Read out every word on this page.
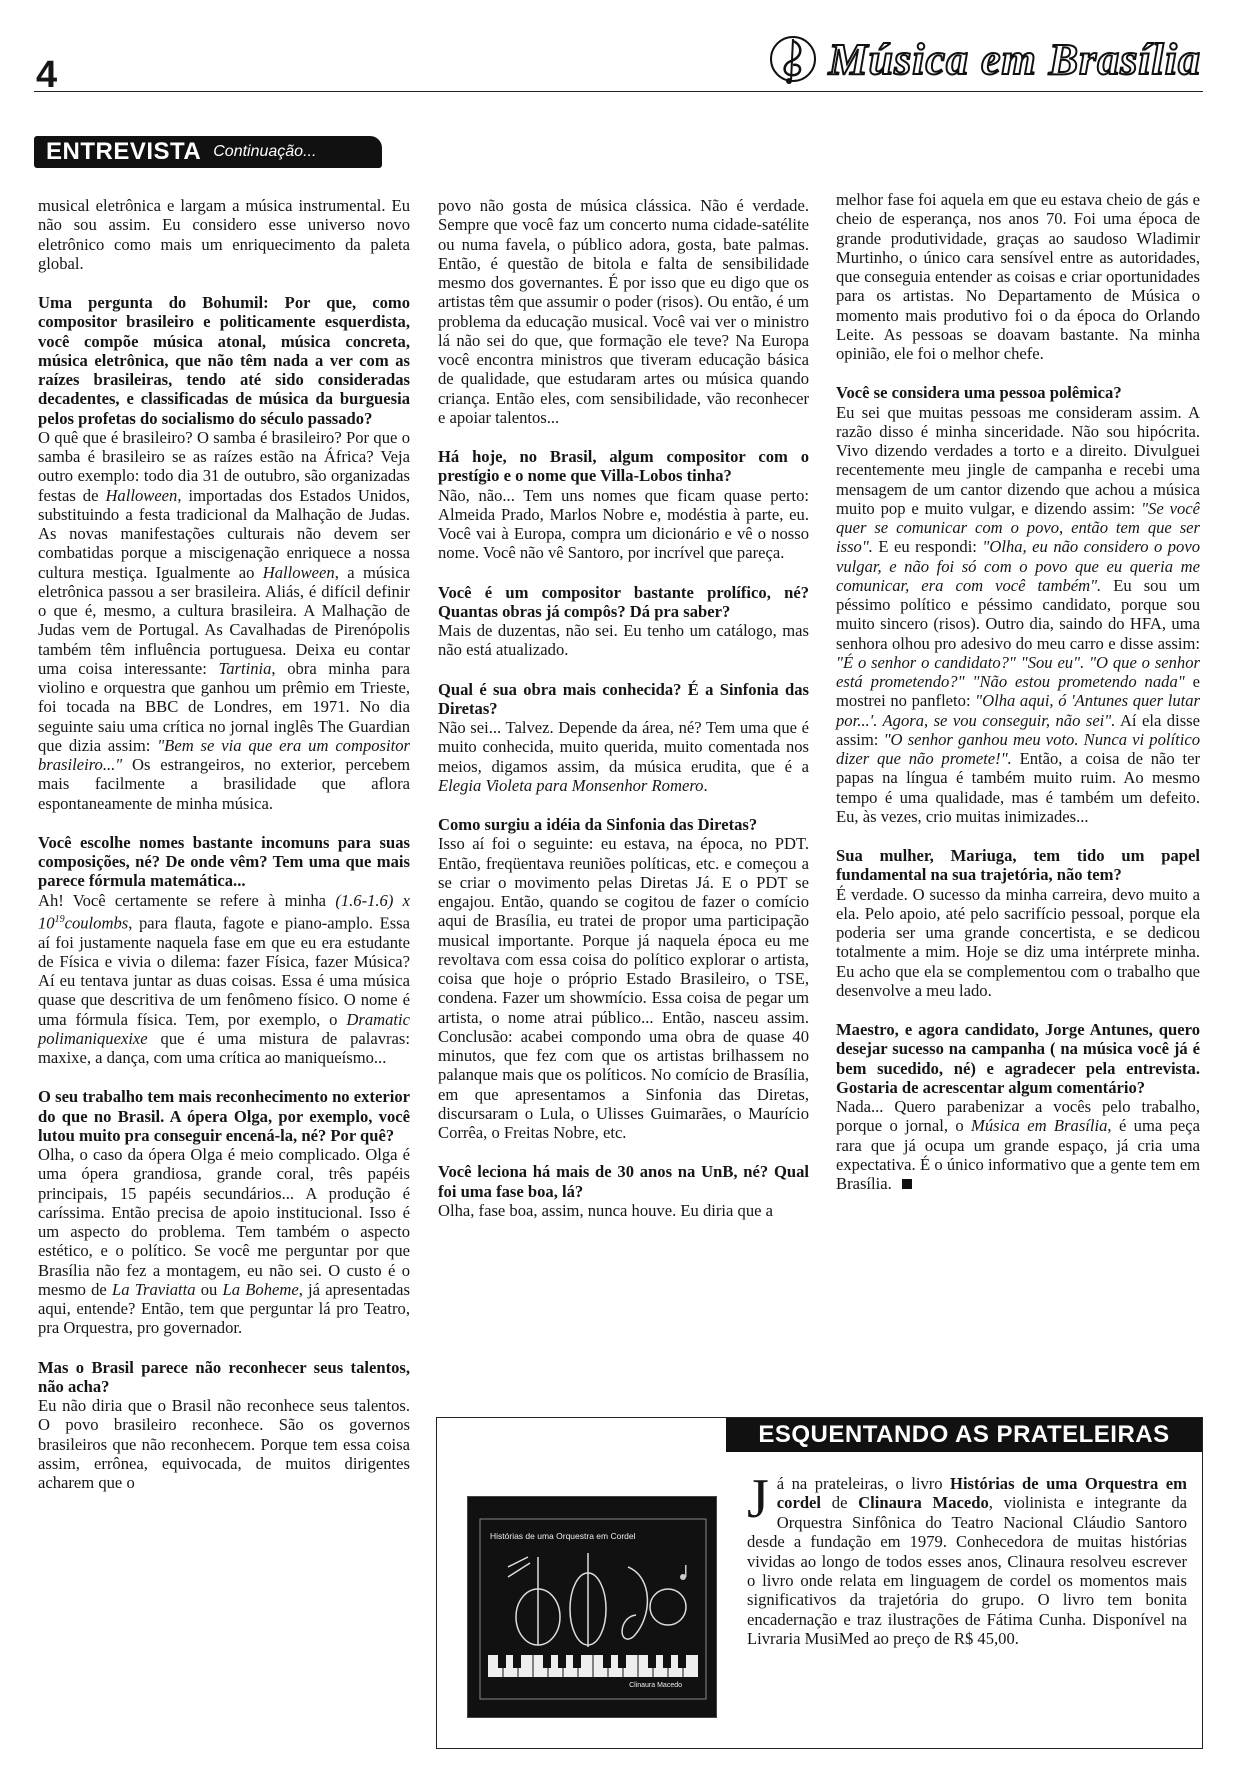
4	Música em Brasília
ENTREVISTA Continuação...

musical eletrônica e largam a música instrumental. Eu não sou assim. Eu considero esse universo novo eletrônico como mais um enriquecimento da paleta global.

Uma pergunta do Bohumil: Por que, como compositor brasileiro e politicamente esquerdista, você compõe música atonal, música concreta, música eletrônica, que não têm nada a ver com as raízes brasileiras, tendo até sido consideradas decadentes, e classificadas de música da burguesia pelos profetas do socialismo do século passado?

O quê que é brasileiro? O samba é brasileiro? Por que o samba é brasileiro se as raízes estão na África? Veja outro exemplo: todo dia 31 de outubro, são organizadas festas de Halloween, importadas dos Estados Unidos, substituindo a festa tradicional da Malhação de Judas. As novas manifestações culturais não devem ser combatidas porque a miscigenação enriquece a nossa cultura mestiça. Igualmente ao Halloween, a música eletrônica passou a ser brasileira. Aliás, é difícil definir o que é, mesmo, a cultura brasileira. A Malhação de Judas vem de Portugal. As Cavalhadas de Pirenópolis também têm influência portuguesa. Deixa eu contar uma coisa interessante: Tartinia, obra minha para violino e orquestra que ganhou um prêmio em Trieste, foi tocada na BBC de Londres, em 1971. No dia seguinte saiu uma crítica no jornal inglês The Guardian que dizia assim: "Bem se via que era um compositor brasileiro..." Os estrangeiros, no exterior, percebem mais facilmente a brasilidade que aflora espontaneamente de minha música.

Você escolhe nomes bastante incomuns para suas composições, né? De onde vêm? Tem uma que mais parece fórmula matemática...

Ah! Você certamente se refere à minha (1.6-1.6) x $10^{19}coulombs$, para flauta, fagote e piano-amplo. Essa aí foi justamente naquela fase em que eu era estudante de Física e vivia o dilema: fazer Física, fazer Música? Aí eu tentava juntar as duas coisas. Essa é uma música quase que descritiva de um fenômeno físico. O nome é uma fórmula física. Tem, por exemplo, o Dramatic polimaniquexixe que é uma mistura de palavras: maxixe, a dança, com uma crítica ao maniqueísmo...

O seu trabalho tem mais reconhecimento no exterior do que no Brasil. A ópera Olga, por exemplo, você lutou muito pra conseguir encená-la, né? Por quê?

Olha, o caso da ópera Olga é meio complicado. Olga é uma ópera grandiosa, grande coral, três papéis principais, 15 papéis secundários... A produção é caríssima. Então precisa de apoio institucional. Isso é um aspecto do problema. Tem também o aspecto estético, e o político. Se você me perguntar por que Brasília não fez a montagem, eu não sei. O custo é o mesmo de La Traviatta ou La Boheme, já apresentadas aqui, entende? Então, tem que perguntar lá pro Teatro, pra Orquestra, pro governador.

Mas o Brasil parece não reconhecer seus talentos, não acha?

Eu não diria que o Brasil não reconhece seus talentos. O povo brasileiro reconhece. São os governos brasileiros que não reconhecem. Porque tem essa coisa assim, errônea, equivocada, de muitos dirigentes acharem que o

povo não gosta de música clássica. Não é verdade. Sempre que você faz um concerto numa cidade-satélite ou numa favela, o público adora, gosta, bate palmas. Então, é questão de bitola e falta de sensibilidade mesmo dos governantes. É por isso que eu digo que os artistas têm que assumir o poder (risos). Ou então, é um problema da educação musical. Você vai ver o ministro lá não sei do que, que formação ele teve? Na Europa você encontra ministros que tiveram educação básica de qualidade, que estudaram artes ou música quando criança. Então eles, com sensibilidade, vão reconhecer e apoiar talentos...

Há hoje, no Brasil, algum compositor com o prestígio e o nome que Villa-Lobos tinha?

Não, não... Tem uns nomes que ficam quase perto: Almeida Prado, Marlos Nobre e, modéstia à parte, eu. Você vai à Europa, compra um dicionário e vê o nosso nome. Você não vê Santoro, por incrível que pareça.

Você é um compositor bastante prolífico, né? Quantas obras já compôs? Dá pra saber?

Mais de duzentas, não sei. Eu tenho um catálogo, mas não está atualizado.

Qual é sua obra mais conhecida? É a Sinfonia das Diretas?

Não sei... Talvez. Depende da área, né? Tem uma que é muito conhecida, muito querida, muito comentada nos meios, digamos assim, da música erudita, que é a Elegia Violeta para Monsenhor Romero.

Como surgiu a idéia da Sinfonia das Diretas?

Isso aí foi o seguinte: eu estava, na época, no PDT. Então, freqüentava reuniões políticas, etc. e começou a se criar o movimento pelas Diretas Já. E o PDT se engajou. Então, quando se cogitou de fazer o comício aqui de Brasília, eu tratei de propor uma participação musical importante. Porque já naquela época eu me revoltava com essa coisa do político explorar o artista, coisa que hoje o próprio Estado Brasileiro, o TSE, condena. Fazer um showmício. Essa coisa de pegar um artista, o nome atrai público... Então, nasceu assim. Conclusão: acabei compondo uma obra de quase 40 minutos, que fez com que os artistas brilhassem no palanque mais que os políticos. No comício de Brasília, em que apresentamos a Sinfonia das Diretas, discursaram o Lula, o Ulisses Guimarães, o Maurício Corrêa, o Freitas Nobre, etc.

Você leciona há mais de 30 anos na UnB, né? Qual foi uma fase boa, lá?

Olha, fase boa, assim, nunca houve. Eu diria que a

melhor fase foi aquela em que eu estava cheio de gás e cheio de esperança, nos anos 70. Foi uma época de grande produtividade, graças ao saudoso Wladimir Murtinho, o único cara sensível entre as autoridades, que conseguia entender as coisas e criar oportunidades para os artistas. No Departamento de Música o momento mais produtivo foi o da época do Orlando Leite. As pessoas se doavam bastante. Na minha opinião, ele foi o melhor chefe.

Você se considera uma pessoa polêmica?

Eu sei que muitas pessoas me consideram assim. A razão disso é minha sinceridade. Não sou hipócrita. Vivo dizendo verdades a torto e a direito. Divulguei recentemente meu jingle de campanha e recebi uma mensagem de um cantor dizendo que achou a música muito pop e muito vulgar, e dizendo assim: "Se você quer se comunicar com o povo, então tem que ser isso". E eu respondi: "Olha, eu não considero o povo vulgar, e não foi só com o povo que eu queria me comunicar, era com você também". Eu sou um péssimo político e péssimo candidato, porque sou muito sincero (risos). Outro dia, saindo do HFA, uma senhora olhou pro adesivo do meu carro e disse assim: "É o senhor o candidato?" "Sou eu". "O que o senhor está prometendo?" "Não estou prometendo nada" e mostrei no panfleto: "Olha aqui, ó 'Antunes quer lutar por...'. Agora, se vou conseguir, não sei". Aí ela disse assim: "O senhor ganhou meu voto. Nunca vi político dizer que não promete!". Então, a coisa de não ter papas na língua é também muito ruim. Ao mesmo tempo é uma qualidade, mas é também um defeito. Eu, às vezes, crio muitas inimizades...

Sua mulher, Mariuga, tem tido um papel fundamental na sua trajetória, não tem?

É verdade. O sucesso da minha carreira, devo muito a ela. Pelo apoio, até pelo sacrifício pessoal, porque ela poderia ser uma grande concertista, e se dedicou totalmente a mim. Hoje se diz uma intérprete minha. Eu acho que ela se complementou com o trabalho que desenvolve a meu lado.

Maestro, e agora candidato, Jorge Antunes, quero desejar sucesso na campanha ( na música você já é bem sucedido, né) e agradecer pela entrevista. Gostaria de acrescentar algum comentário?

Nada... Quero parabenizar a vocês pelo trabalho, porque o jornal, o Música em Brasília, é uma peça rara que já ocupa um grande espaço, já cria uma expectativa. É o único informativo que a gente tem em Brasília.

ESQUENTANDO AS PRATELEIRAS
Histórias de uma Orquestra em Cordel
Clinaura Macedo
Já na prateleiras, o livro Histórias de uma Orquestra em cordel de Clinaura Macedo, violinista e integrante da Orquestra Sinfônica do Teatro Nacional Cláudio Santoro desde a fundação em 1979. Conhecedora de muitas histórias vividas ao longo de todos esses anos, Clinaura resolveu escrever o livro onde relata em linguagem de cordel os momentos mais significativos da trajetória do grupo. O livro tem bonita encadernação e traz ilustrações de Fátima Cunha. Disponível na Livraria MusiMed ao preço de R$ 45,00.
